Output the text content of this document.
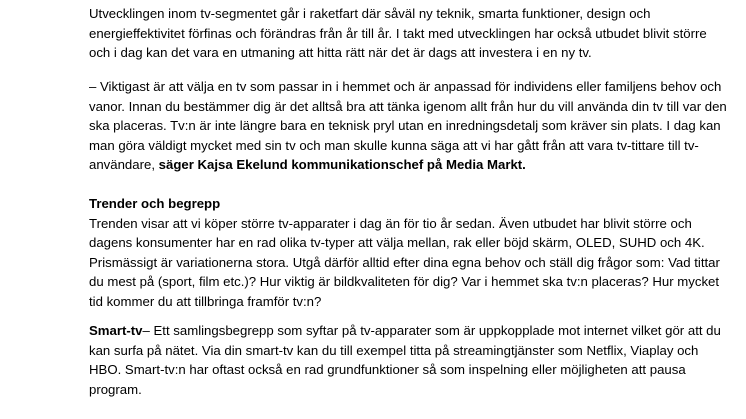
Utvecklingen inom tv-segmentet går i raketfart där såväl ny teknik, smarta funktioner, design och energieffektivitet förfinas och förändras från år till år. I takt med utvecklingen har också utbudet blivit större och i dag kan det vara en utmaning att hitta rätt när det är dags att investera i en ny tv.

– Viktigast är att välja en tv som passar in i hemmet och är anpassad för individens eller familjens behov och vanor. Innan du bestämmer dig är det alltså bra att tänka igenom allt från hur du vill använda din tv till var den ska placeras. Tv:n är inte längre bara en teknisk pryl utan en inredningsdetalj som kräver sin plats. I dag kan man göra väldigt mycket med sin tv och man skulle kunna säga att vi har gått från att vara tv-tittare till tv-användare, säger Kajsa Ekelund kommunikationschef på Media Markt.

Trender och begrepp

Trenden visar att vi köper större tv-apparater i dag än för tio år sedan. Även utbudet har blivit större och dagens konsumenter har en rad olika tv-typer att välja mellan, rak eller böjd skärm, OLED, SUHD och 4K. Prismässigt är variationerna stora. Utgå därför alltid efter dina egna behov och ställ dig frågor som: Vad tittar du mest på (sport, film etc.)? Hur viktig är bildkvaliteten för dig? Var i hemmet ska tv:n placeras? Hur mycket tid kommer du att tillbringa framför tv:n?

Smart-tv– Ett samlingsbegrepp som syftar på tv-apparater som är uppkopplade mot internet vilket gör att du kan surfa på nätet. Via din smart-tv kan du till exempel titta på streamingtjänster som Netflix, Viaplay och HBO. Smart-tv:n har oftast också en rad grundfunktioner så som inspelning eller möjligheten att pausa program.
